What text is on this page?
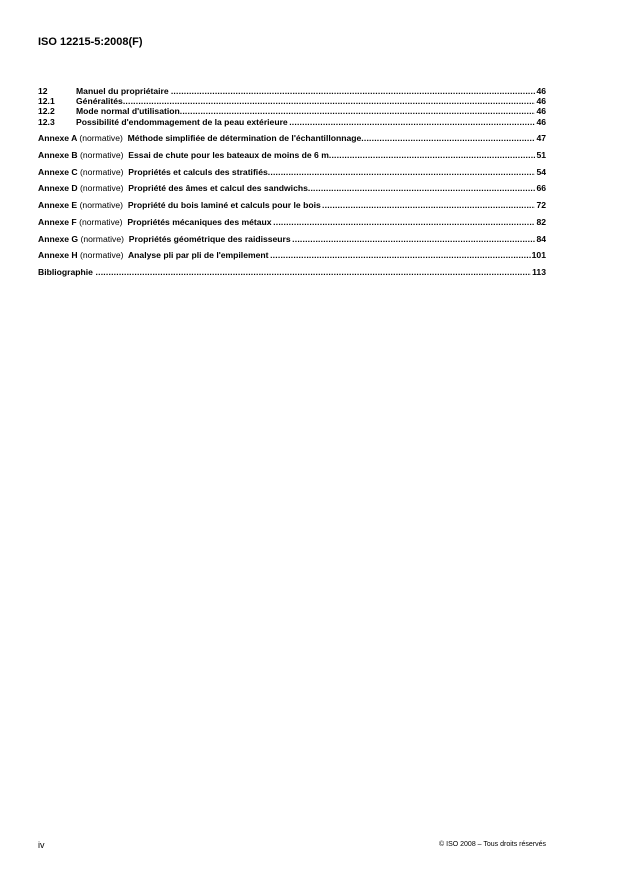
ISO 12215-5:2008(F)
12	Manuel du propriétaire .....	46
12.1	Généralités .....	46
12.2	Mode normal d'utilisation .....	46
12.3	Possibilité d'endommagement de la peau extérieure .....	46
Annexe A (normative) Méthode simplifiée de détermination de l'échantillonnage .....	47
Annexe B (normative) Essai de chute pour les bateaux de moins de 6 m .....	51
Annexe C (normative) Propriétés et calculs des stratifiés .....	54
Annexe D (normative) Propriété des âmes et calcul des sandwichs .....	66
Annexe E (normative) Propriété du bois laminé et calculs pour le bois .....	72
Annexe F (normative) Propriétés mécaniques des métaux .....	82
Annexe G (normative) Propriétés géométrique des raidisseurs .....	84
Annexe H (normative) Analyse pli par pli de l'empilement .....	101
Bibliographie .....	113
iv	© ISO 2008 – Tous droits réservés
